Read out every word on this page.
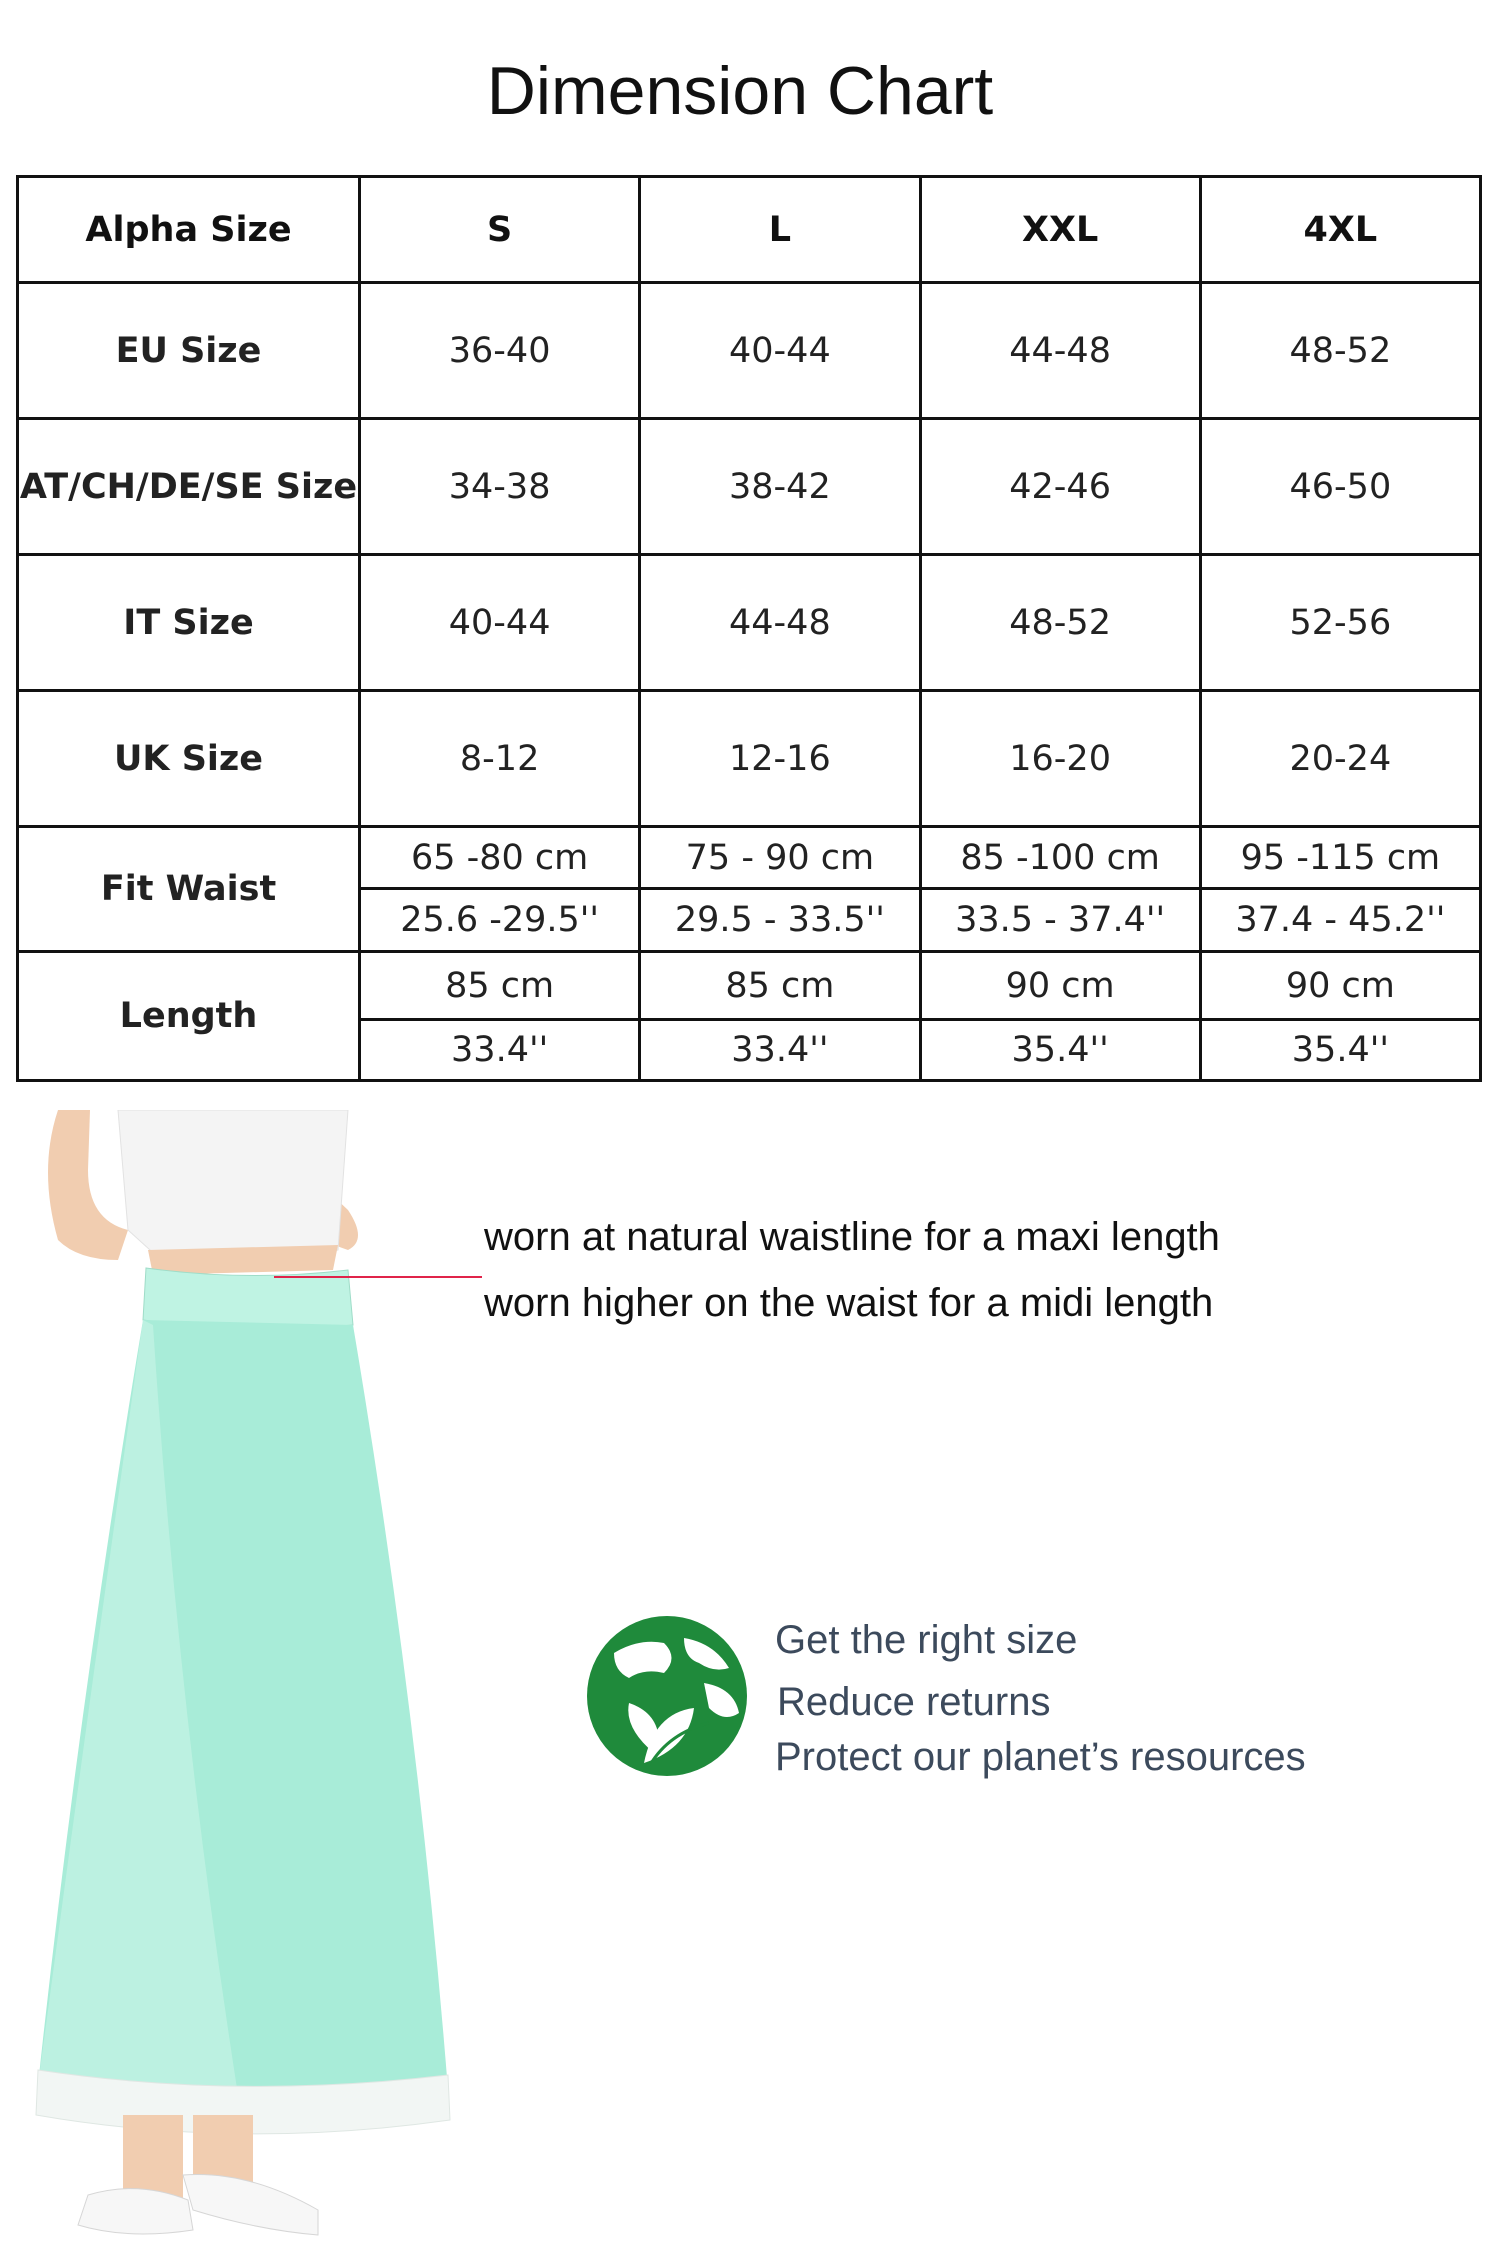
Dimension Chart
Alpha Size	S	L	XXL	4XL
EU Size	36-40	40-44	44-48	48-52
AT/CH/DE/SE Size	34-38	38-42	42-46	46-50
IT Size	40-44	44-48	48-52	52-56
UK Size	8-12	12-16	16-20	20-24
Fit Waist	65 -80 cm	75 - 90 cm	85 -100 cm	95 -115 cm
	25.6 -29.5''	29.5 - 33.5''	33.5 - 37.4''	37.4 - 45.2''
Length	85 cm	85 cm	90 cm	90 cm
	33.4''	33.4''	35.4''	35.4''
worn at natural waistline for a maxi length
worn higher on the waist for a midi length
Get the right size
Reduce returns
Protect our planet’s resources
